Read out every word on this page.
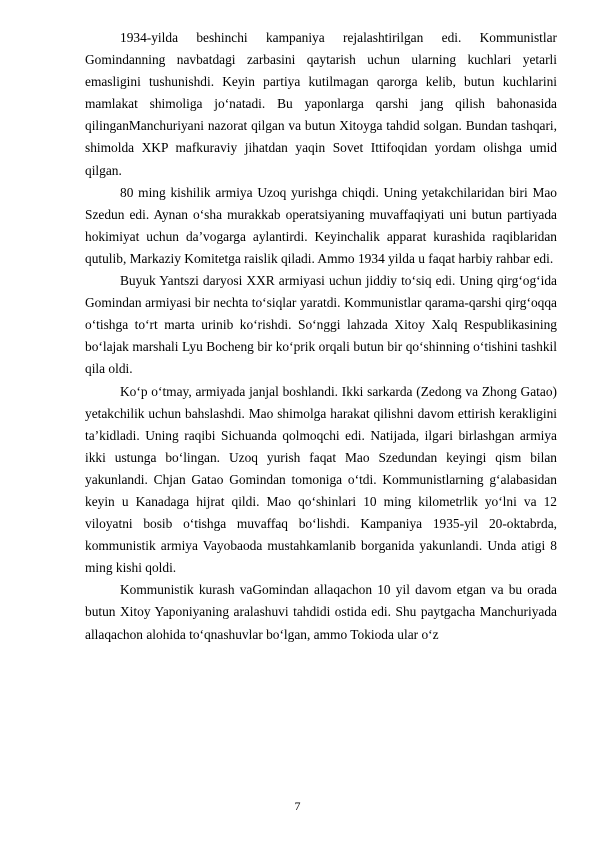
1934-yilda beshinchi kampaniya rejalashtirilgan edi. Kommunistlar Gomindanning navbatdagi zarbasini qaytarish uchun ularning kuchlari yetarli emasligini tushunishdi. Keyin partiya kutilmagan qarorga kelib, butun kuchlarini mamlakat shimoliga joʻnatadi. Bu yaponlarga qarshi jang qilish bahonasida qilinganManchuriyani nazorat qilgan va butun Xitoyga tahdid solgan. Bundan tashqari, shimolda XKP mafkuraviy jihatdan yaqin Sovet Ittifoqidan yordam olishga umid qilgan.

80 ming kishilik armiya Uzoq yurishga chiqdi. Uning yetakchilaridan biri Mao Szedun edi. Aynan oʻsha murakkab operatsiyaning muvaffaqiyati uni butun partiyada hokimiyat uchun da’vogarga aylantirdi. Keyinchalik apparat kurashida raqiblaridan qutulib, Markaziy Komitetga raislik qiladi. Ammo 1934 yilda u faqat harbiy rahbar edi.

Buyuk Yantszi daryosi XXR armiyasi uchun jiddiy toʻsiq edi. Uning qirgʻogʻida Gomindan armiyasi bir nechta toʻsiqlar yaratdi. Kommunistlar qarama-qarshi qirgʻoqqa oʻtishga toʻrt marta urinib koʻrishdi. Soʻnggi lahzada Xitoy Xalq Respublikasining boʻlajak marshali Lyu Bocheng bir koʻprik orqali butun bir qoʻshinning oʻtishini tashkil qila oldi.

Koʻp oʻtmay, armiyada janjal boshlandi. Ikki sarkarda (Zedong va Zhong Gatao) yetakchilik uchun bahslashdi. Mao shimolga harakat qilishni davom ettirish kerakligini ta’kidladi. Uning raqibi Sichuanda qolmoqchi edi. Natijada, ilgari birlashgan armiya ikki ustunga boʻlingan. Uzoq yurish faqat Mao Szedundan keyingi qism bilan yakunlandi. Chjan Gatao Gomindan tomoniga oʻtdi. Kommunistlarning gʻalabasidan keyin u Kanadaga hijrat qildi. Mao qoʻshinlari 10 ming kilometrlik yoʻlni va 12 viloyatni bosib oʻtishga muvaffaq boʻlishdi. Kampaniya 1935-yil 20-oktabrda, kommunistik armiya Vayobaoda mustahkamlanib borganida yakunlandi. Unda atigi 8 ming kishi qoldi.

Kommunistik kurash vaGomindan allaqachon 10 yil davom etgan va bu orada butun Xitoy Yaponiyaning aralashuvi tahdidi ostida edi. Shu paytgacha Manchuriyada allaqachon alohida toʻqnashuvlar boʻlgan, ammo Tokioda ular oʻz

7
